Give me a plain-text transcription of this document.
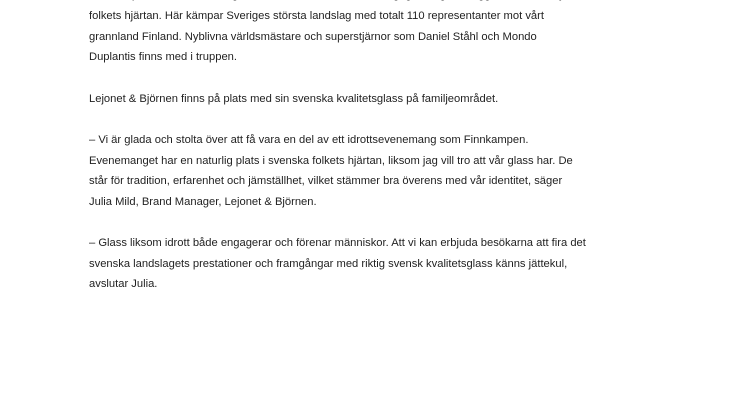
folkets hjärtan. Här kämpar Sveriges största landslag med totalt 110 representanter mot vårt
grannland Finland. Nyblivna världsmästare och superstjärnor som Daniel Ståhl och Mondo
Duplantis finns med i truppen.
Lejonet & Björnen finns på plats med sin svenska kvalitetsglass på familjeområdet.
– Vi är glada och stolta över att få vara en del av ett idrottsevenemang som Finnkampen.
Evenemanget har en naturlig plats i svenska folkets hjärtan, liksom jag vill tro att vår glass har. De
står för tradition, erfarenhet och jämställhet, vilket stämmer bra överens med vår identitet, säger
Julia Mild, Brand Manager, Lejonet & Björnen.
– Glass liksom idrott både engagerar och förenar människor. Att vi kan erbjuda besökarna att fira det
svenska landslagets prestationer och framgångar med riktig svensk kvalitetsglass känns jättekul,
avslutar Julia.
